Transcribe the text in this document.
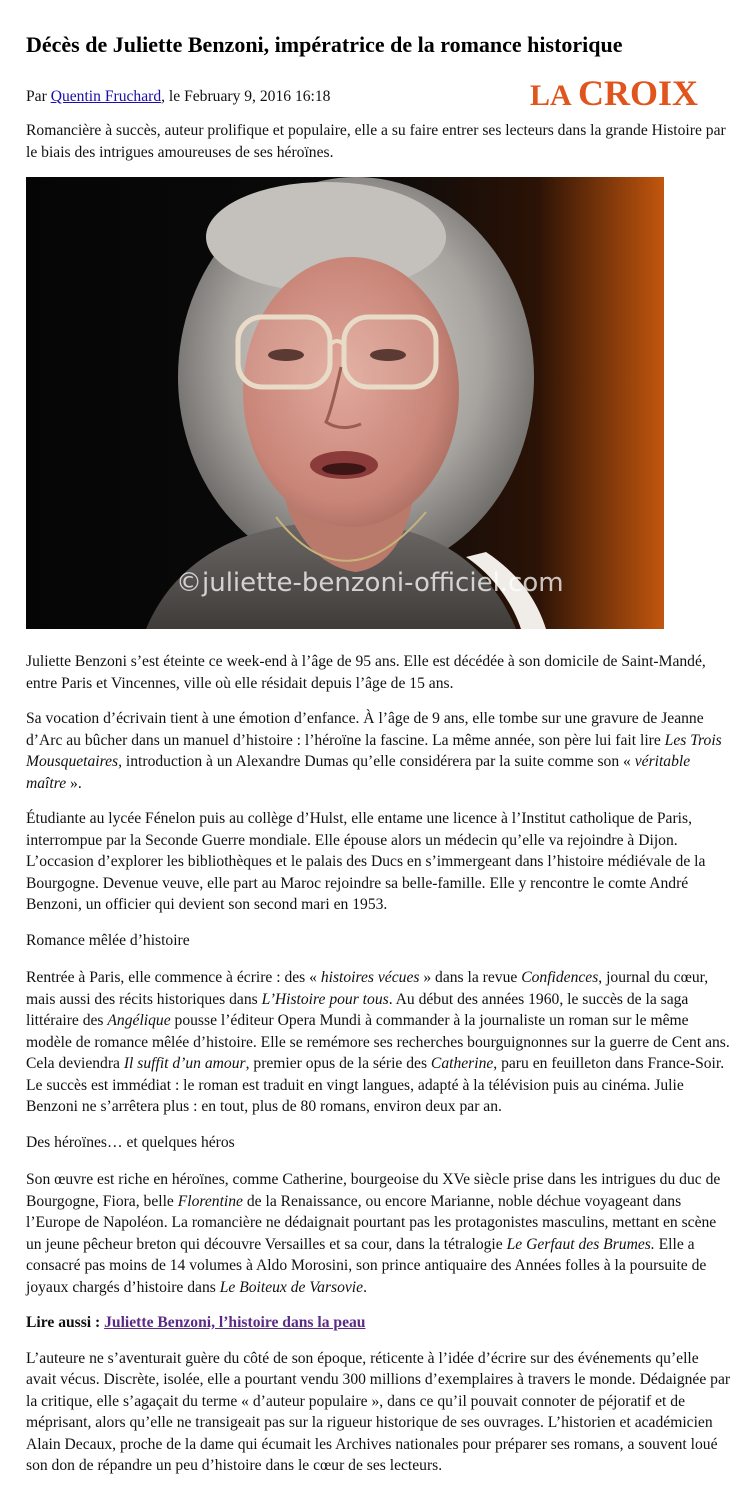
Décès de Juliette Benzoni, impératrice de la romance historique

Par Quentin Fruchard, le February 9, 2016 16:18	LA CROIX

Romancière à succès, auteur prolifique et populaire, elle a su faire entrer ses lecteurs dans la grande Histoire par le biais des intrigues amoureuses de ses héroïnes.

©juliette-benzoni-officiel.com

Juliette Benzoni s’est éteinte ce week-end à l’âge de 95 ans. Elle est décédée à son domicile de Saint-Mandé, entre Paris et Vincennes, ville où elle résidait depuis l’âge de 15 ans.

Sa vocation d’écrivain tient à une émotion d’enfance. À l’âge de 9 ans, elle tombe sur une gravure de Jeanne d’Arc au bûcher dans un manuel d’histoire : l’héroïne la fascine. La même année, son père lui fait lire Les Trois Mousquetaires, introduction à un Alexandre Dumas qu’elle considérera par la suite comme son « véritable maître ».

Étudiante au lycée Fénelon puis au collège d’Hulst, elle entame une licence à l’Institut catholique de Paris, interrompue par la Seconde Guerre mondiale. Elle épouse alors un médecin qu’elle va rejoindre à Dijon. L’occasion d’explorer les bibliothèques et le palais des Ducs en s’immergeant dans l’histoire médiévale de la Bourgogne. Devenue veuve, elle part au Maroc rejoindre sa belle-famille. Elle y rencontre le comte André Benzoni, un officier qui devient son second mari en 1953.

Romance mêlée d’histoire

Rentrée à Paris, elle commence à écrire : des « histoires vécues » dans la revue Confidences, journal du cœur, mais aussi des récits historiques dans L’Histoire pour tous. Au début des années 1960, le succès de la saga littéraire des Angélique pousse l’éditeur Opera Mundi à commander à la journaliste un roman sur le même modèle de romance mêlée d’histoire. Elle se remémore ses recherches bourguignonnes sur la guerre de Cent ans. Cela deviendra Il suffit d’un amour, premier opus de la série des Catherine, paru en feuilleton dans France-Soir. Le succès est immédiat : le roman est traduit en vingt langues, adapté à la télévision puis au cinéma. Julie Benzoni ne s’arrêtera plus : en tout, plus de 80 romans, environ deux par an.

Des héroïnes… et quelques héros

Son œuvre est riche en héroïnes, comme Catherine, bourgeoise du XVe siècle prise dans les intrigues du duc de Bourgogne, Fiora, belle Florentine de la Renaissance, ou encore Marianne, noble déchue voyageant dans l’Europe de Napoléon. La romancière ne dédaignait pourtant pas les protagonistes masculins, mettant en scène un jeune pêcheur breton qui découvre Versailles et sa cour, dans la tétralogie Le Gerfaut des Brumes. Elle a consacré pas moins de 14 volumes à Aldo Morosini, son prince antiquaire des Années folles à la poursuite de joyaux chargés d’histoire dans Le Boiteux de Varsovie.

Lire aussi : Juliette Benzoni, l’histoire dans la peau

L’auteure ne s’aventurait guère du côté de son époque, réticente à l’idée d’écrire sur des événements qu’elle avait vécus. Discrète, isolée, elle a pourtant vendu 300 millions d’exemplaires à travers le monde. Dédaignée par la critique, elle s’agaçait du terme « d’auteur populaire », dans ce qu’il pouvait connoter de péjoratif et de méprisant, alors qu’elle ne transigeait pas sur la rigueur historique de ses ouvrages. L’historien et académicien Alain Decaux, proche de la dame qui écumait les Archives nationales pour préparer ses romans, a souvent loué son don de répandre un peu d’histoire dans le cœur de ses lecteurs.
